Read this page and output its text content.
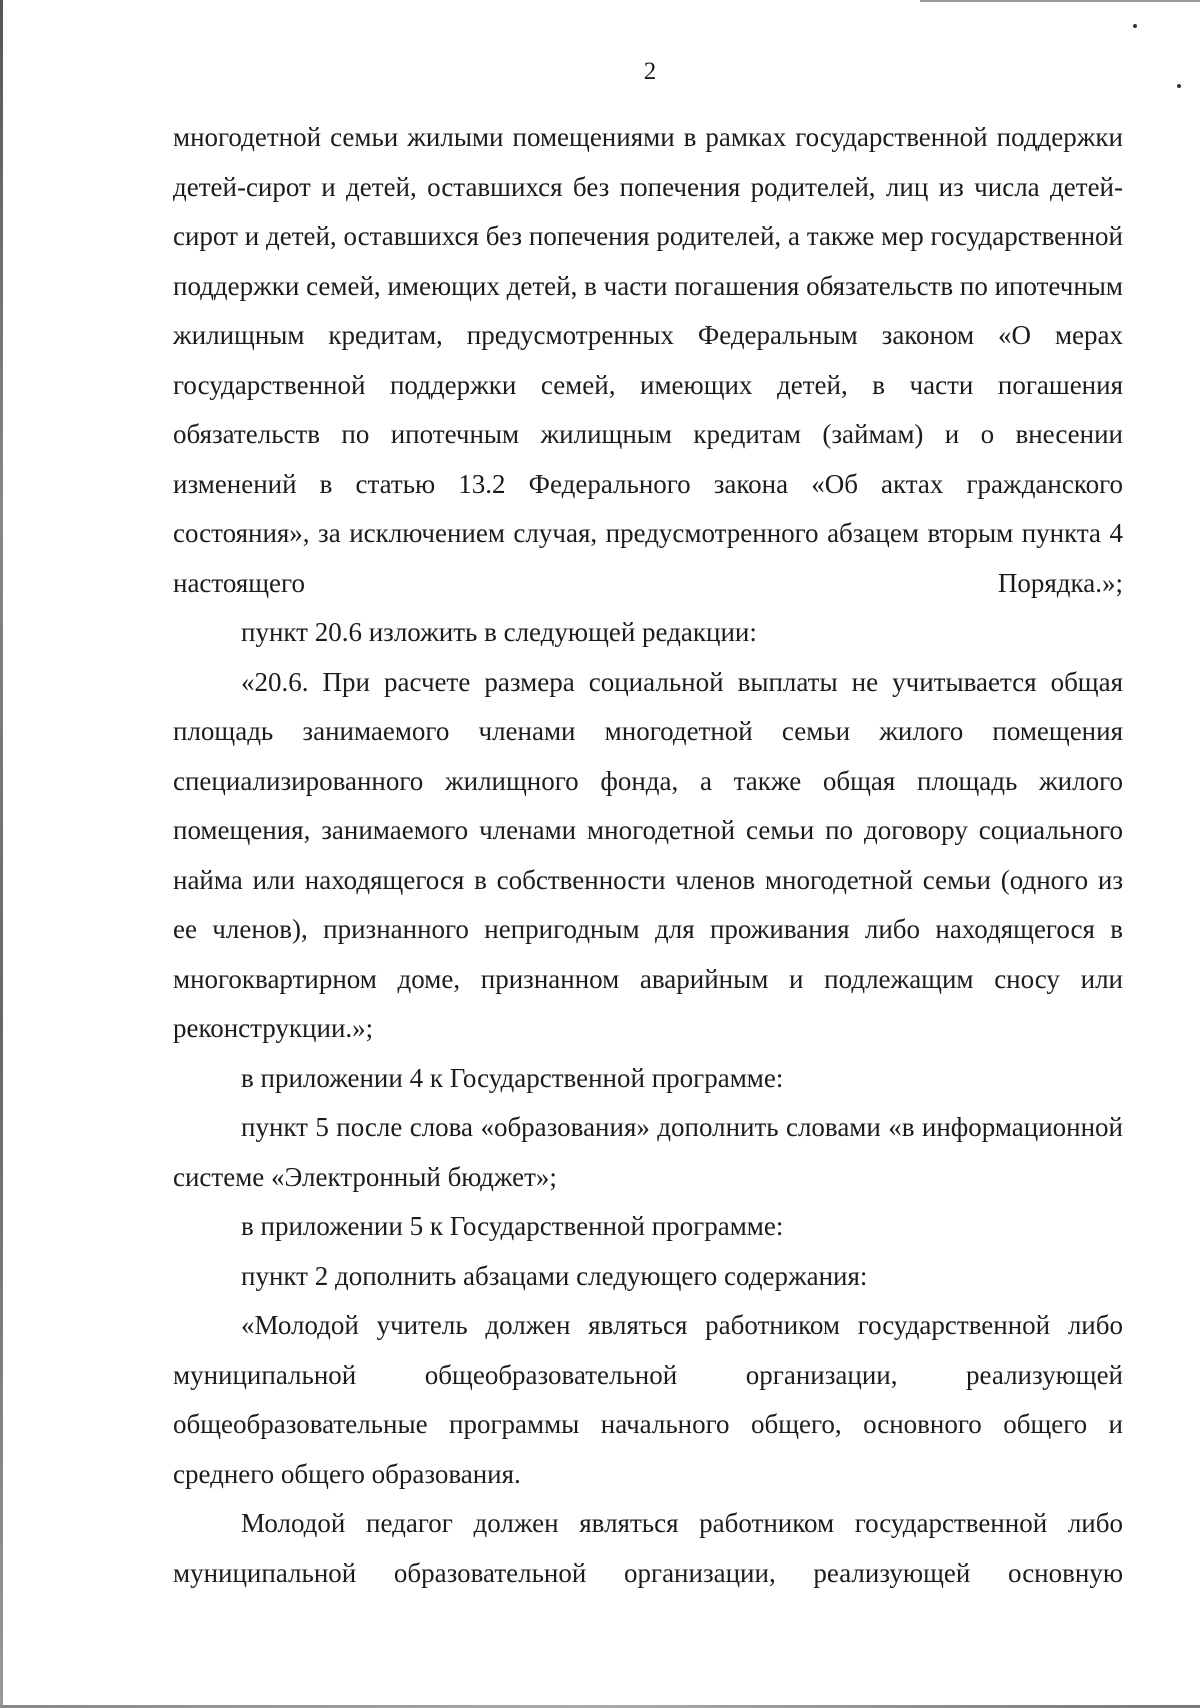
2

многодетной семьи жилыми помещениями в рамках государственной поддержки детей-сирот и детей, оставшихся без попечения родителей, лиц из числа детей-сирот и детей, оставшихся без попечения родителей, а также мер государственной поддержки семей, имеющих детей, в части погашения обязательств по ипотечным жилищным кредитам, предусмотренных Федеральным законом «О мерах государственной поддержки семей, имеющих детей, в части погашения обязательств по ипотечным жилищным кредитам (займам) и о внесении изменений в статью 13.2 Федерального закона «Об актах гражданского состояния», за исключением случая, предусмотренного абзацем вторым пункта 4 настоящего Порядка.»;

пункт 20.6 изложить в следующей редакции:

«20.6. При расчете размера социальной выплаты не учитывается общая площадь занимаемого членами многодетной семьи жилого помещения специализированного жилищного фонда, а также общая площадь жилого помещения, занимаемого членами многодетной семьи по договору социального найма или находящегося в собственности членов многодетной семьи (одного из ее членов), признанного непригодным для проживания либо находящегося в многоквартирном доме, признанном аварийным и подлежащим сносу или реконструкции.»;

в приложении 4 к Государственной программе:

пункт 5 после слова «образования» дополнить словами «в информационной системе «Электронный бюджет»;

в приложении 5 к Государственной программе:

пункт 2 дополнить абзацами следующего содержания:

«Молодой учитель должен являться работником государственной либо муниципальной общеобразовательной организации, реализующей общеобразовательные программы начального общего, основного общего и среднего общего образования.

Молодой педагог должен являться работником государственной либо муниципальной образовательной организации, реализующей основную
